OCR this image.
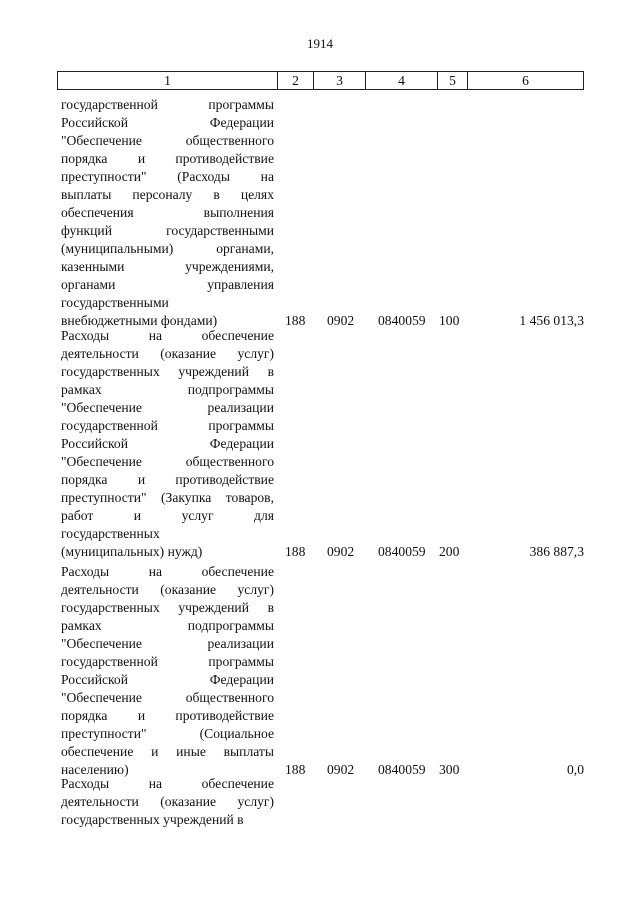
1914
1	2	3	4	5	6
государственной программы
Российской Федерации
"Обеспечение общественного
порядка и противодействие
преступности" (Расходы на
выплаты персоналу в целях
обеспечения выполнения
функций государственными
(муниципальными) органами,
казенными учреждениями,
органами управления
государственными
внебюджетными фондами)	188 0902 0840059 100	1 456 013,3
Расходы на обеспечение
деятельности (оказание услуг)
государственных учреждений в
рамках подпрограммы
"Обеспечение реализации
государственной программы
Российской Федерации
"Обеспечение общественного
порядка и противодействие
преступности" (Закупка товаров,
работ и услуг для
государственных
(муниципальных) нужд)	188 0902 0840059 200	386 887,3
Расходы на обеспечение
деятельности (оказание услуг)
государственных учреждений в
рамках подпрограммы
"Обеспечение реализации
государственной программы
Российской Федерации
"Обеспечение общественного
порядка и противодействие
преступности" (Социальное
обеспечение и иные выплаты
населению)	188 0902 0840059 300	0,0
Расходы на обеспечение
деятельности (оказание услуг)
государственных учреждений в
